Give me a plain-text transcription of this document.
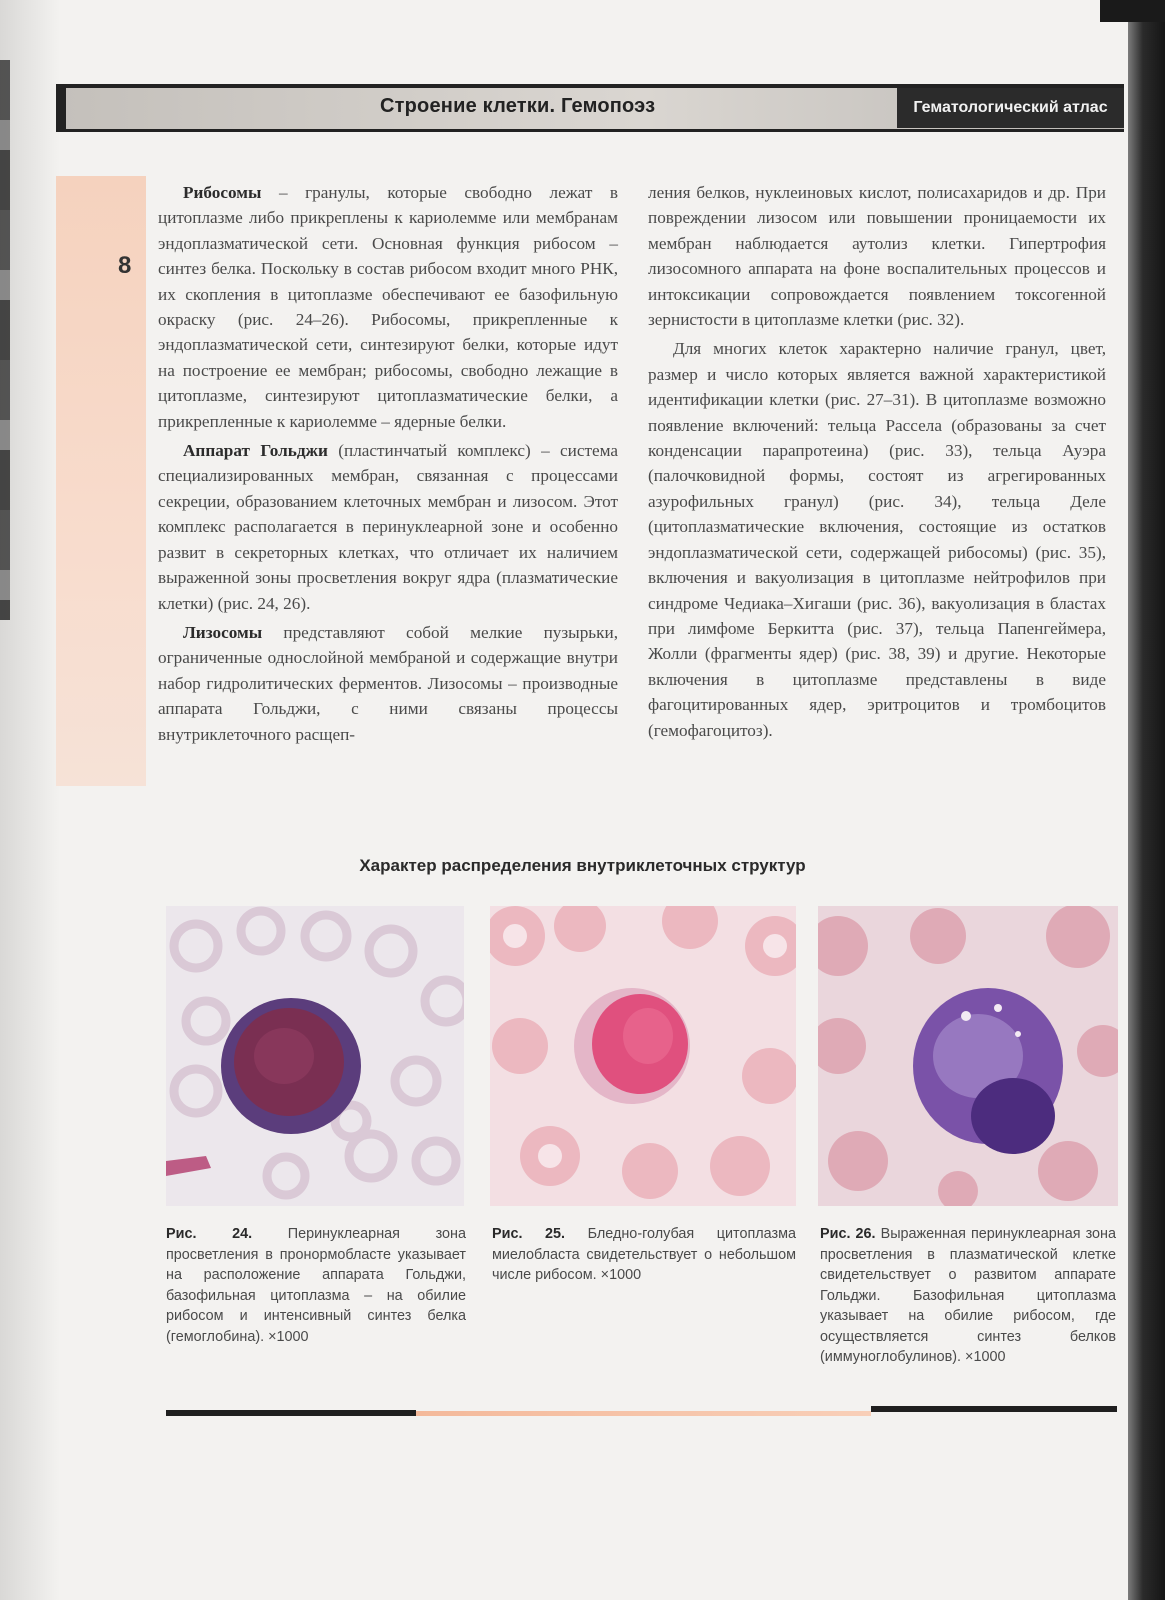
Строение клетки. Гемопоэз	Гематологический атлас
8

Рибосомы – гранулы, которые свободно лежат в цитоплазме либо прикреплены к кариолемме или мембранам эндоплазматической сети. Основная функция рибосом – синтез белка. Поскольку в состав рибосом входит много РНК, их скопления в цитоплазме обеспечивают ее базофильную окраску (рис. 24–26). Рибосомы, прикрепленные к эндоплазматической сети, синтезируют белки, которые идут на построение ее мембран; рибосомы, свободно лежащие в цитоплазме, синтезируют цитоплазматические белки, а прикрепленные к кариолемме – ядерные белки.

Аппарат Гольджи (пластинчатый комплекс) – система специализированных мембран, связанная с процессами секреции, образованием клеточных мембран и лизосом. Этот комплекс располагается в перинуклеарной зоне и особенно развит в секреторных клетках, что отличает их наличием выраженной зоны просветления вокруг ядра (плазматические клетки) (рис. 24, 26).

Лизосомы представляют собой мелкие пузырьки, ограниченные однослойной мембраной и содержащие внутри набор гидролитических ферментов. Лизосомы – производные аппарата Гольджи, с ними связаны процессы внутриклеточного расщеп-

ления белков, нуклеиновых кислот, полисахаридов и др. При повреждении лизосом или повышении проницаемости их мембран наблюдается аутолиз клетки. Гипертрофия лизосомного аппарата на фоне воспалительных процессов и интоксикации сопровождается появлением токсогенной зернистости в цитоплазме клетки (рис. 32).

Для многих клеток характерно наличие гранул, цвет, размер и число которых является важной характеристикой идентификации клетки (рис. 27–31). В цитоплазме возможно появление включений: тельца Рассела (образованы за счет конденсации парапротеина) (рис. 33), тельца Ауэра (палочковидной формы, состоят из агрегированных азурофильных гранул) (рис. 34), тельца Деле (цитоплазматические включения, состоящие из остатков эндоплазматической сети, содержащей рибосомы) (рис. 35), включения и вакуолизация в цитоплазме нейтрофилов при синдроме Чедиака–Хигаши (рис. 36), вакуолизация в бластах при лимфоме Беркитта (рис. 37), тельца Папенгеймера, Жолли (фрагменты ядер) (рис. 38, 39) и другие. Некоторые включения в цитоплазме представлены в виде фагоцитированных ядер, эритроцитов и тромбоцитов (гемофагоцитоз).

Характер распределения внутриклеточных структур
Рис. 24. Перинуклеарная зона просветления в пронормобласте указывает на расположение аппарата Гольджи, базофильная цитоплазма – на обилие рибосом и интенсивный синтез белка (гемоглобина). ×1000
Рис. 25. Бледно-голубая цитоплазма миелобласта свидетельствует о небольшом числе рибосом. ×1000
Рис. 26. Выраженная перинуклеарная зона просветления в плазматической клетке свидетельствует о развитом аппарате Гольджи. Базофильная цитоплазма указывает на обилие рибосом, где осуществляется синтез белков (иммуноглобулинов). ×1000
